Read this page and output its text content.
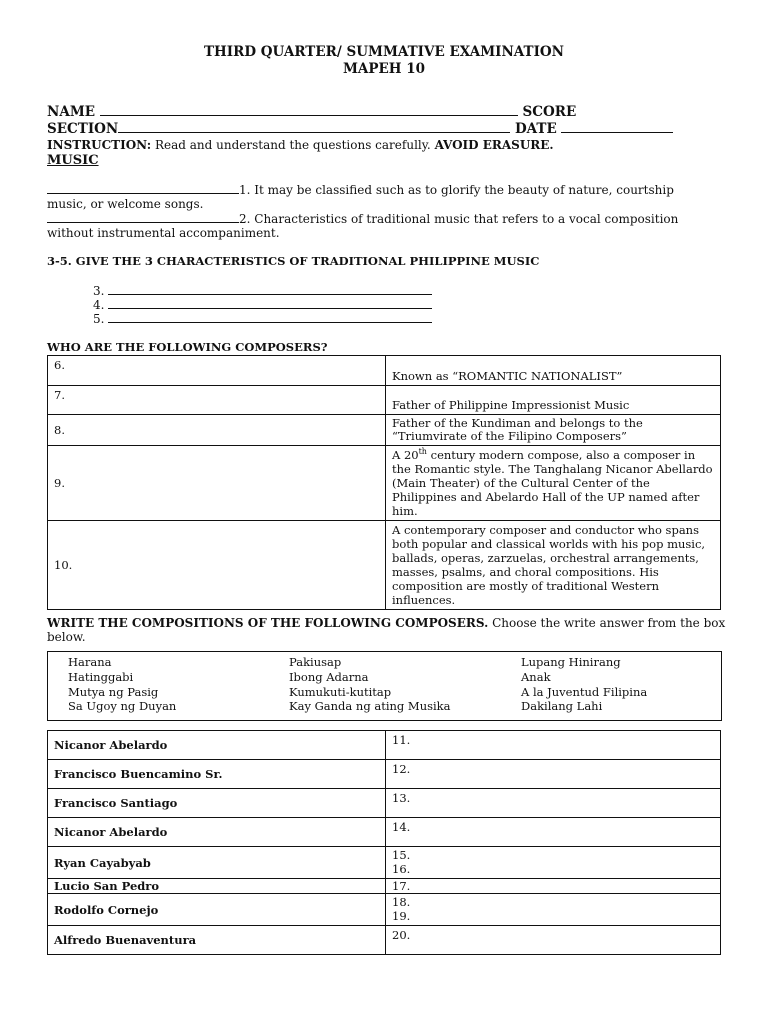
THIRD QUARTER/ SUMMATIVE EXAMINATION
MAPEH 10
NAME	SCORE
SECTION	DATE
INSTRUCTION: Read and understand the questions carefully. AVOID ERASURE.
MUSIC
1. It may be classified such as to glorify the beauty of nature, courtship
music, or welcome songs.
2. Characteristics of traditional music that refers to a vocal composition
without instrumental accompaniment.
3-5. GIVE THE 3 CHARACTERISTICS OF TRADITIONAL PHILIPPINE MUSIC
3.
4.
5.
WHO ARE THE FOLLOWING COMPOSERS?
6.	Known as “ROMANTIC NATIONALIST”
7.	Father of Philippine Impressionist Music
8.	Father of the Kundiman and belongs to the “Triumvirate of the Filipino Composers”
9.	A 20th century modern compose, also a composer in the Romantic style. The Tanghalang Nicanor Abellardo (Main Theater) of the Cultural Center of the Philippines and Abelardo Hall of the UP named after him.
10.	A contemporary composer and conductor who spans both popular and classical worlds with his pop music, ballads, operas, zarzuelas, orchestral arrangements, masses, psalms, and choral compositions. His composition are mostly of traditional Western influences.
WRITE THE COMPOSITIONS OF THE FOLLOWING COMPOSERS. Choose the write answer from the box
below.
Harana
Hatinggabi
Mutya ng Pasig
Sa Ugoy ng Duyan
Pakiusap
Ibong Adarna
Kumukuti-kutitap
Kay Ganda ng ating Musika
Lupang Hinirang
Anak
A la Juventud Filipina
Dakilang Lahi
Nicanor Abelardo	11.
Francisco Buencamino Sr.	12.
Francisco Santiago	13.
Nicanor Abelardo	14.
Ryan Cayabyab	15.
16.

Lucio San Pedro	17.
Rodolfo Cornejo	18.
19.

Alfredo Buenaventura	20.
